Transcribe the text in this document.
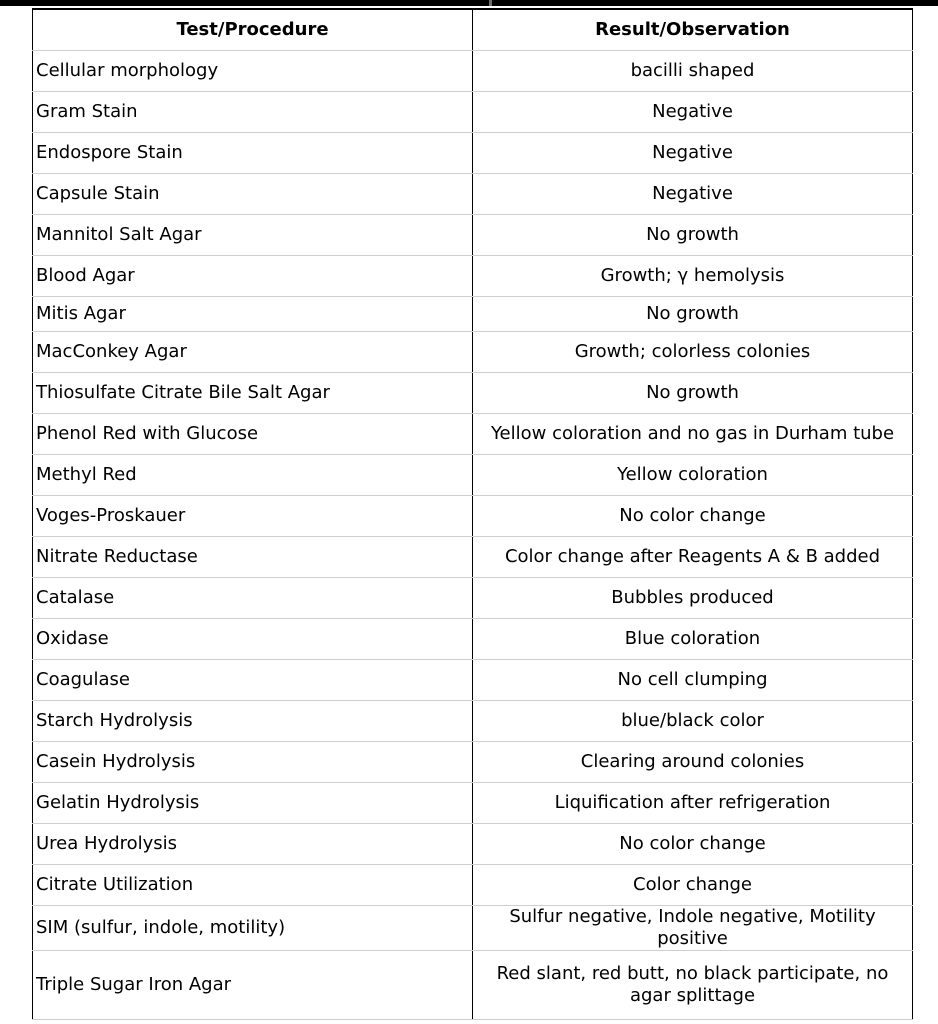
Test/Procedure	Result/Observation
Cellular morphology	bacilli shaped
Gram Stain	Negative
Endospore Stain	Negative
Capsule Stain	Negative
Mannitol Salt Agar	No growth
Blood Agar	Growth; γ hemolysis
Mitis Agar	No growth
MacConkey Agar	Growth; colorless colonies
Thiosulfate Citrate Bile Salt Agar	No growth
Phenol Red with Glucose	Yellow coloration and no gas in Durham tube
Methyl Red	Yellow coloration
Voges-Proskauer	No color change
Nitrate Reductase	Color change after Reagents A & B added
Catalase	Bubbles produced
Oxidase	Blue coloration
Coagulase	No cell clumping
Starch Hydrolysis	blue/black color
Casein Hydrolysis	Clearing around colonies
Gelatin Hydrolysis	Liquification after refrigeration
Urea Hydrolysis	No color change
Citrate Utilization	Color change
SIM (sulfur, indole, motility)	Sulfur negative, Indole negative, Motility positive
Triple Sugar Iron Agar	Red slant, red butt, no black participate, no agar splittage
